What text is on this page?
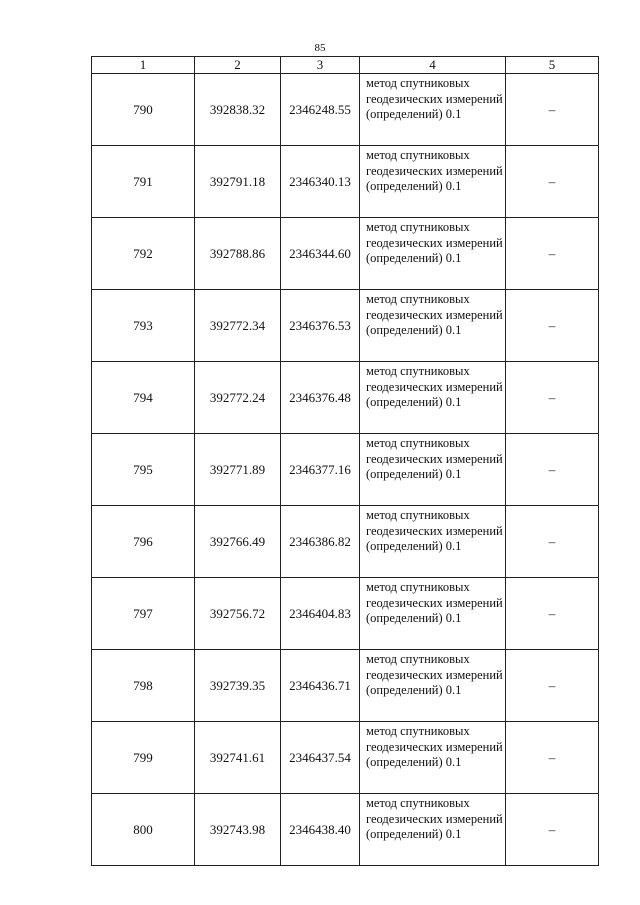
85
1	2	3	4	5
790	392838.32	2346248.55	метод спутниковых геодезических измерений (определений) 0.1	–
791	392791.18	2346340.13	метод спутниковых геодезических измерений (определений) 0.1	–
792	392788.86	2346344.60	метод спутниковых геодезических измерений (определений) 0.1	–
793	392772.34	2346376.53	метод спутниковых геодезических измерений (определений) 0.1	–
794	392772.24	2346376.48	метод спутниковых геодезических измерений (определений) 0.1	–
795	392771.89	2346377.16	метод спутниковых геодезических измерений (определений) 0.1	–
796	392766.49	2346386.82	метод спутниковых геодезических измерений (определений) 0.1	–
797	392756.72	2346404.83	метод спутниковых геодезических измерений (определений) 0.1	–
798	392739.35	2346436.71	метод спутниковых геодезических измерений (определений) 0.1	–
799	392741.61	2346437.54	метод спутниковых геодезических измерений (определений) 0.1	–
800	392743.98	2346438.40	метод спутниковых геодезических измерений (определений) 0.1	–
